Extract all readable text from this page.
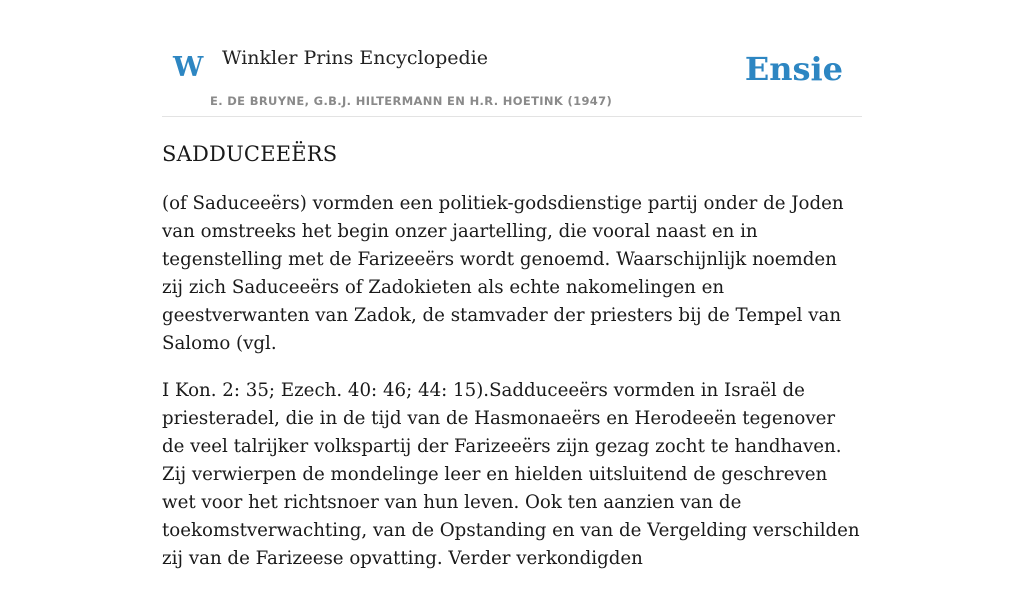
W Winkler Prins Encyclopedie
E. DE BRUYNE, G.B.J. HILTERMANN EN H.R. HOETINK (1947)
Ensie
SADDUCEEËRS

(of Saduceeërs) vormden een politiek-godsdienstige partij onder de Joden van omstreeks het begin onzer jaartelling, die vooral naast en in tegenstelling met de Farizeeërs wordt genoemd. Waarschijnlijk noemden zij zich Saduceeërs of Zadokieten als echte nakomelingen en geestverwanten van Zadok, de stamvader der priesters bij de Tempel van Salomo (vgl.

I Kon. 2: 35; Ezech. 40: 46; 44: 15).Sadduceeërs vormden in Israël de priesteradel, die in de tijd van de Hasmonaeërs en Herodeeën tegenover de veel talrijker volkspartij der Farizeeërs zijn gezag zocht te handhaven. Zij verwierpen de mondelinge leer en hielden uitsluitend de geschreven wet voor het richtsnoer van hun leven. Ook ten aanzien van de toekomstverwachting, van de Opstanding en van de Vergelding verschilden zij van de Farizeese opvatting. Verder verkondigden
